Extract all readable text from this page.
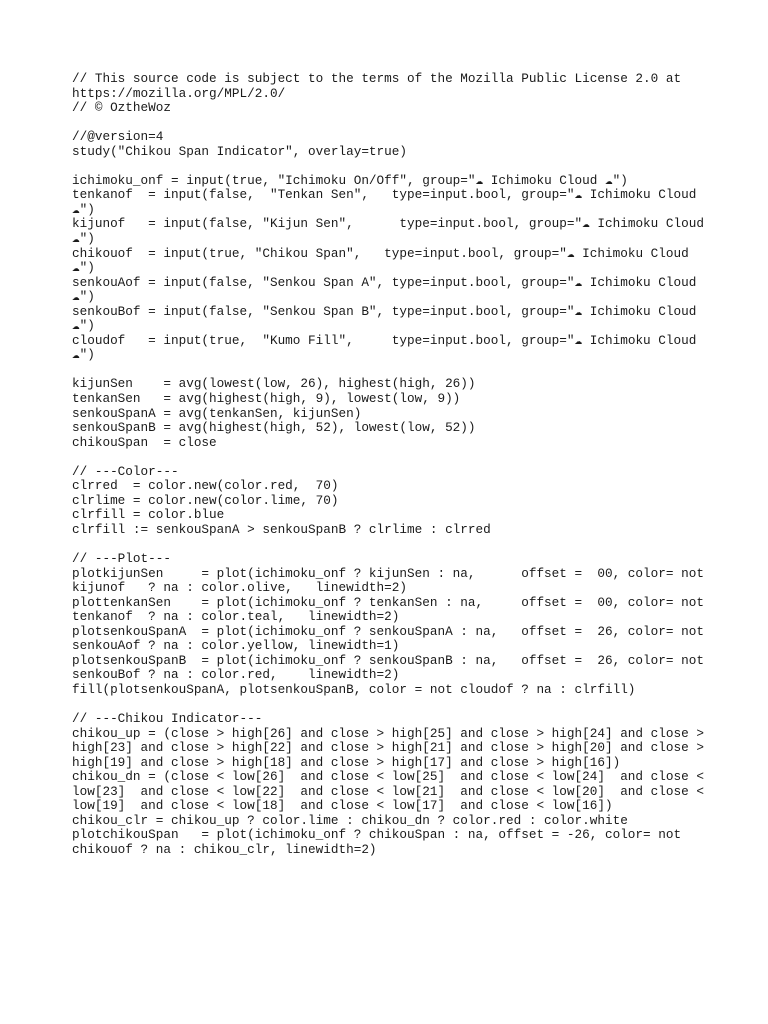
// This source code is subject to the terms of the Mozilla Public License 2.0 at
https://mozilla.org/MPL/2.0/
// © OztheWoz
//@version=4
study("Chikou Span Indicator", overlay=true)
ichimoku_onf = input(true, "Ichimoku On/Off", group="☁ Ichimoku Cloud ☁")
tenkanof  = input(false,  "Tenkan Sen",   type=input.bool, group="☁ Ichimoku Cloud
☁")
kijunof   = input(false, "Kijun Sen",      type=input.bool, group="☁ Ichimoku Cloud
☁")
chikouof  = input(true, "Chikou Span",   type=input.bool, group="☁ Ichimoku Cloud
☁")
senkouAof = input(false, "Senkou Span A", type=input.bool, group="☁ Ichimoku Cloud
☁")
senkouBof = input(false, "Senkou Span B", type=input.bool, group="☁ Ichimoku Cloud
☁")
cloudof   = input(true,  "Kumo Fill",     type=input.bool, group="☁ Ichimoku Cloud
☁")
kijunSen    = avg(lowest(low, 26), highest(high, 26))
tenkanSen   = avg(highest(high, 9), lowest(low, 9))
senkouSpanA = avg(tenkanSen, kijunSen)
senkouSpanB = avg(highest(high, 52), lowest(low, 52))
chikouSpan  = close
// ---Color---
clrred  = color.new(color.red,  70)
clrlime = color.new(color.lime, 70)
clrfill = color.blue
clrfill := senkouSpanA > senkouSpanB ? clrlime : clrred
// ---Plot---
plotkijunSen     = plot(ichimoku_onf ? kijunSen : na,      offset =  00, color= not
kijunof   ? na : color.olive,   linewidth=2)
plottenkanSen    = plot(ichimoku_onf ? tenkanSen : na,     offset =  00, color= not
tenkanof  ? na : color.teal,   linewidth=2)
plotsenkouSpanA  = plot(ichimoku_onf ? senkouSpanA : na,   offset =  26, color= not
senkouAof ? na : color.yellow, linewidth=1)
plotsenkouSpanB  = plot(ichimoku_onf ? senkouSpanB : na,   offset =  26, color= not
senkouBof ? na : color.red,    linewidth=2)
fill(plotsenkouSpanA, plotsenkouSpanB, color = not cloudof ? na : clrfill)
// ---Chikou Indicator---
chikou_up = (close > high[26] and close > high[25] and close > high[24] and close >
high[23] and close > high[22] and close > high[21] and close > high[20] and close >
high[19] and close > high[18] and close > high[17] and close > high[16])
chikou_dn = (close < low[26]  and close < low[25]  and close < low[24]  and close <
low[23]  and close < low[22]  and close < low[21]  and close < low[20]  and close <
low[19]  and close < low[18]  and close < low[17]  and close < low[16])
chikou_clr = chikou_up ? color.lime : chikou_dn ? color.red : color.white
plotchikouSpan   = plot(ichimoku_onf ? chikouSpan : na, offset = -26, color= not
chikouof ? na : chikou_clr, linewidth=2)
